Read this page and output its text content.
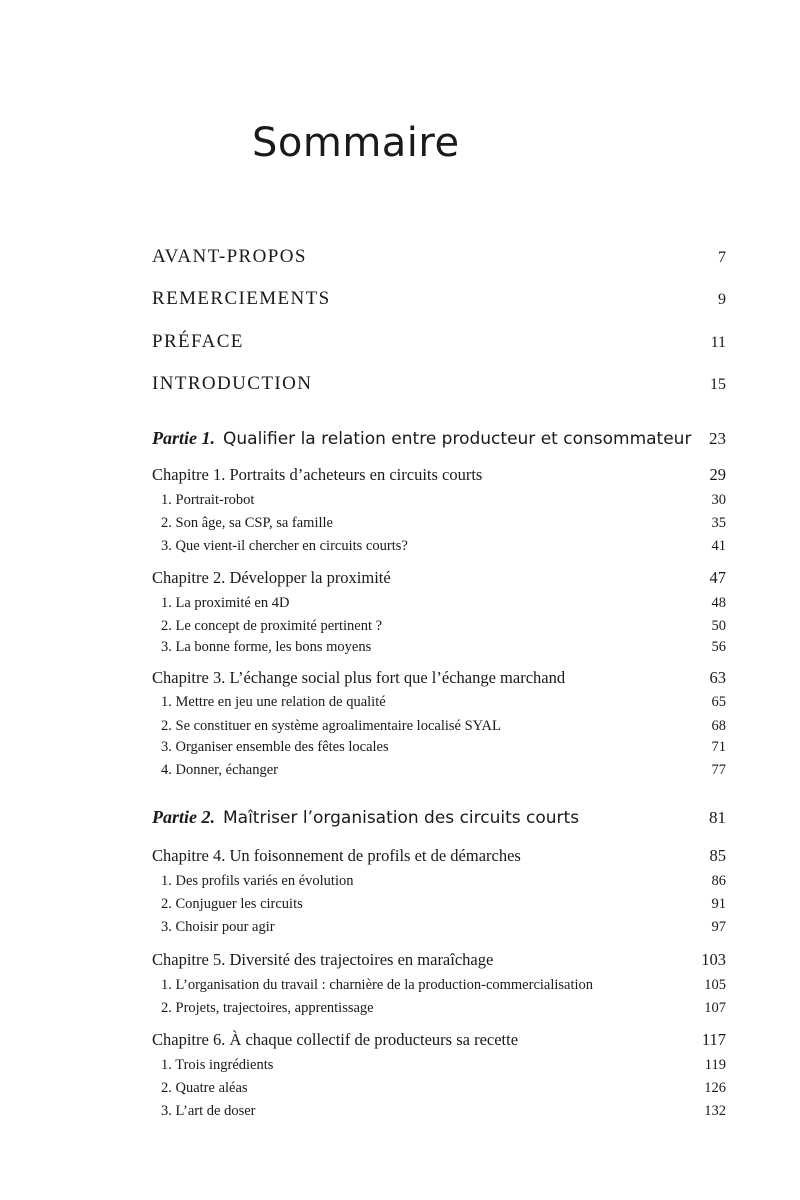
Sommaire
AVANT-PROPOS	7
REMERCIEMENTS	9
PRÉFACE	11
INTRODUCTION	15
Partie 1. Qualifier la relation entre producteur et consommateur 23
Chapitre 1. Portraits d’acheteurs en circuits courts	29
1. Portrait-robot	30
2. Son âge, sa CSP, sa famille	35
3. Que vient-il chercher en circuits courts?	41
Chapitre 2. Développer la proximité	47
1. La proximité en 4D	48
2. Le concept de proximité pertinent ?	50
3. La bonne forme, les bons moyens	56
Chapitre 3. L’échange social plus fort que l’échange marchand	63
1. Mettre en jeu une relation de qualité	65
2. Se constituer en système agroalimentaire localisé SYAL	68
3. Organiser ensemble des fêtes locales	71
4. Donner, échanger	77
Partie 2. Maîtriser l’organisation des circuits courts	81
Chapitre 4. Un foisonnement de profils et de démarches	85
1. Des profils variés en évolution	86
2. Conjuguer les circuits	91
3. Choisir pour agir	97
Chapitre 5. Diversité des trajectoires en maraîchage	103
1. L’organisation du travail : charnière de la production-commercialisation	105
2. Projets, trajectoires, apprentissage	107
Chapitre 6. À chaque collectif de producteurs sa recette	117
1. Trois ingrédients	119
2. Quatre aléas	126
3. L’art de doser	132
